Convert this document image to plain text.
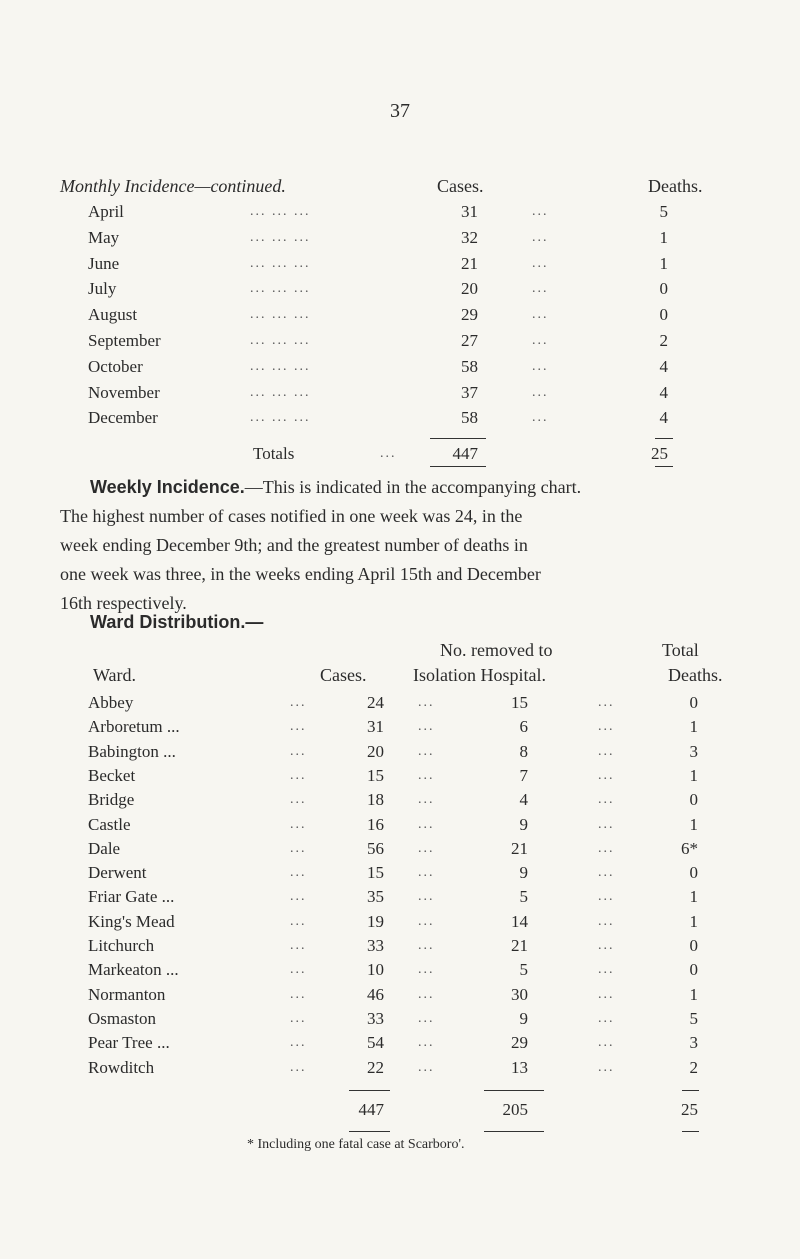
37
Monthly Incidence—continued.	Cases.	Deaths.
April	... ... ...	31	...	5
May	... ... ...	32	...	1
June	... ... ...	21	...	1
July	... ... ...	20	...	0
August	... ... ...	29	...	0
September	... ... ...	27	...	2
October	... ... ...	58	...	4
November	... ... ...	37	...	4
December	... ... ...	58	...	4
Totals	...	447	25
Weekly Incidence.—This is indicated in the accompanying chart.
The highest number of cases notified in one week was 24, in the
week ending December 9th; and the greatest number of deaths in
one week was three, in the weeks ending April 15th and December
16th respectively.
Ward Distribution.—
No. removed to	Total
Ward.	Cases.	Isolation Hospital.	Deaths.
Abbey	...	24 ...	15	...	0
Arboretum ...	...	31 ...	6	...	1
Babington ...	...	20 ...	8	...	3
Becket	...	15 ...	7	...	1
Bridge	...	18 ...	4	...	0
Castle	...	16 ...	9	...	1
Dale	...	56 ...	21	...	6*
Derwent	...	15 ...	9	...	0
Friar Gate ...	...	35 ...	5	...	1
King's Mead	...	19 ...	14	...	1
Litchurch	...	33 ...	21	...	0
Markeaton ...	...	10 ...	5	...	0
Normanton	...	46 ...	30	...	1
Osmaston	...	33 ...	9	...	5
Pear Tree ...	...	54 ...	29	...	3
Rowditch	...	22 ...	13	...	2
447	205	25
* Including one fatal case at Scarboro'.
